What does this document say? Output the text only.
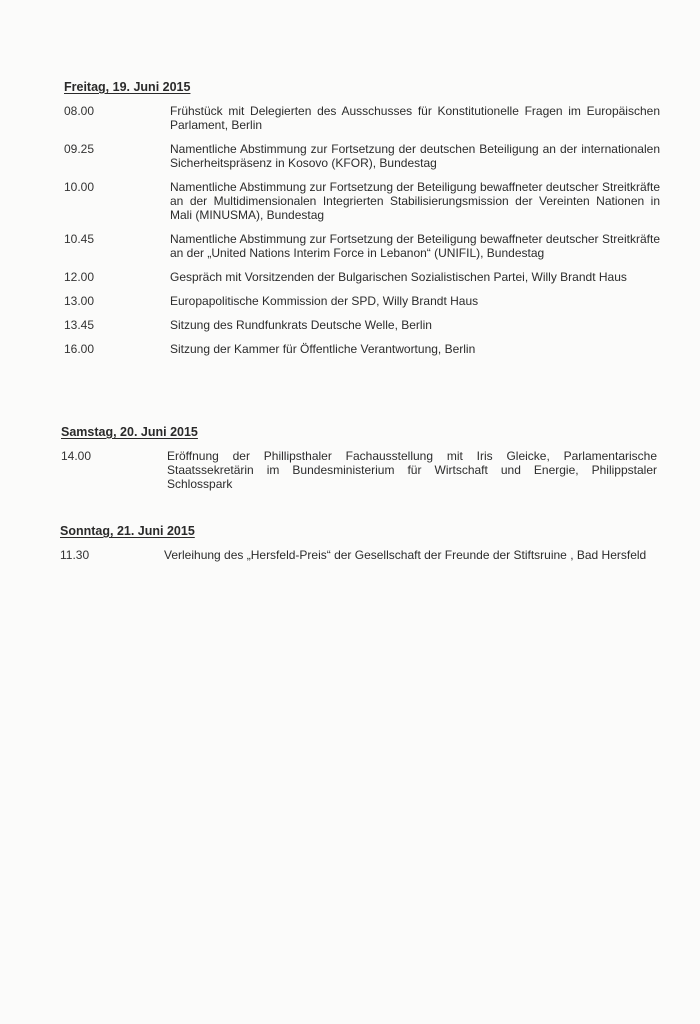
Freitag, 19. Juni 2015
08.00	Frühstück mit Delegierten des Ausschusses für Konstitutionelle Fragen im Europäischen Parlament, Berlin
09.25	Namentliche Abstimmung zur Fortsetzung der deutschen Beteiligung an der internationalen Sicherheitspräsenz in Kosovo (KFOR), Bundestag
10.00	Namentliche Abstimmung zur Fortsetzung der Beteiligung bewaffneter deutscher Streitkräfte an der Multidimensionalen Integrierten Stabilisierungsmission der Vereinten Nationen in Mali (MINUSMA), Bundestag
10.45	Namentliche Abstimmung zur Fortsetzung der Beteiligung bewaffneter deutscher Streitkräfte an der „United Nations Interim Force in Lebanon“ (UNIFIL), Bundestag
12.00	Gespräch mit Vorsitzenden der Bulgarischen Sozialistischen Partei, Willy Brandt Haus
13.00	Europapolitische Kommission der SPD, Willy Brandt Haus
13.45	Sitzung des Rundfunkrats Deutsche Welle, Berlin
16.00	Sitzung der Kammer für Öffentliche Verantwortung, Berlin
Samstag, 20. Juni 2015
14.00	Eröffnung der Phillipsthaler Fachausstellung mit Iris Gleicke, Parlamentarische Staatssekretärin im Bundesministerium für Wirtschaft und Energie, Philippstaler Schlosspark
Sonntag, 21. Juni 2015
11.30	Verleihung des „Hersfeld-Preis“ der Gesellschaft der Freunde der Stiftsruine , Bad Hersfeld
